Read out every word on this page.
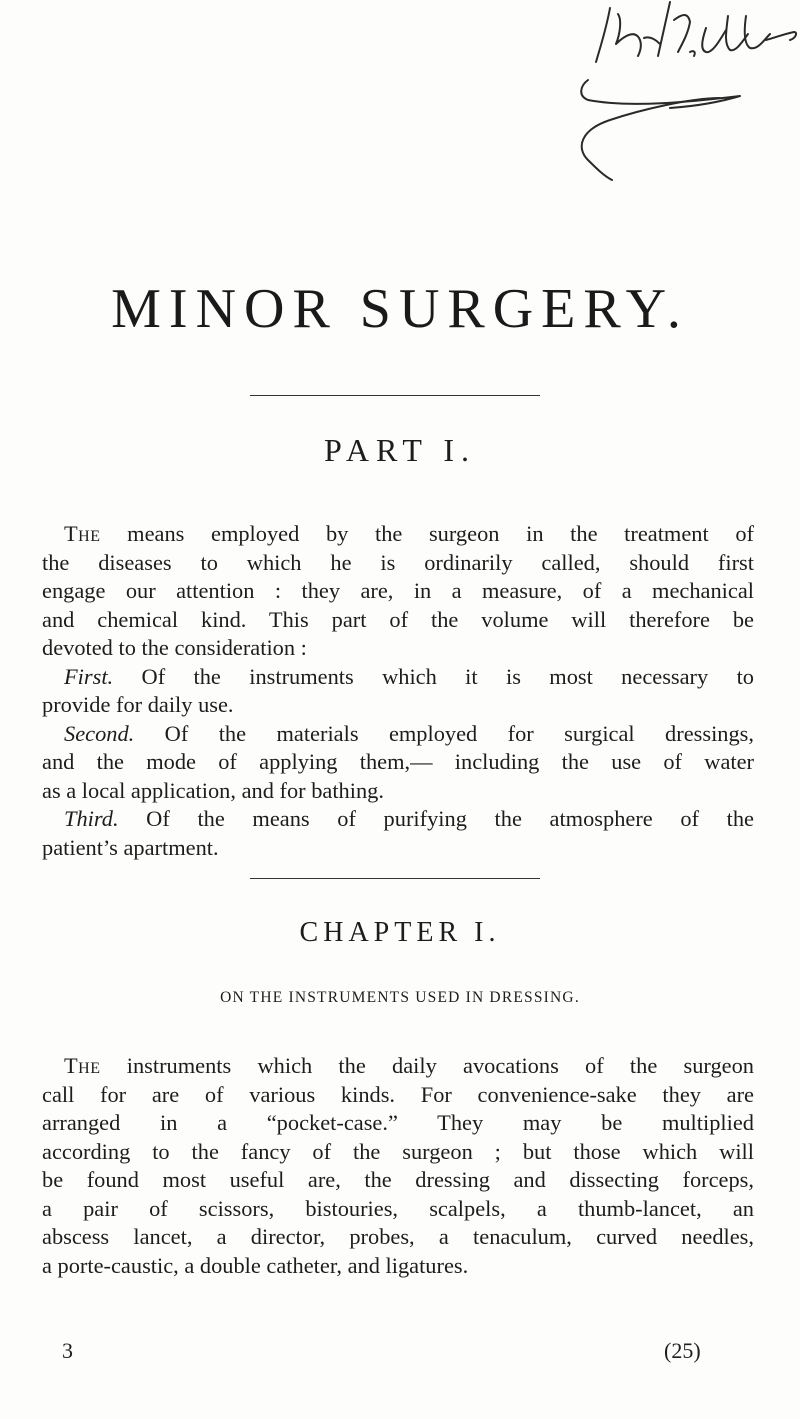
MINOR SURGERY.
PART I.
The means employed by the surgeon in the treatment of
the diseases to which he is ordinarily called, should first
engage our attention : they are, in a measure, of a mechanical
and chemical kind. This part of the volume will therefore be
devoted to the consideration :
First. Of the instruments which it is most necessary to
provide for daily use.
Second. Of the materials employed for surgical dressings,
and the mode of applying them,— including the use of water
as a local application, and for bathing.
Third. Of the means of purifying the atmosphere of the
patient’s apartment.
CHAPTER I.
ON THE INSTRUMENTS USED IN DRESSING.
The instruments which the daily avocations of the surgeon
call for are of various kinds. For convenience-sake they are
arranged in a “pocket-case.” They may be multiplied
according to the fancy of the surgeon ; but those which will
be found most useful are, the dressing and dissecting forceps,
a pair of scissors, bistouries, scalpels, a thumb-lancet, an
abscess lancet, a director, probes, a tenaculum, curved needles,
a porte-caustic, a double catheter, and ligatures.
3	(25)
